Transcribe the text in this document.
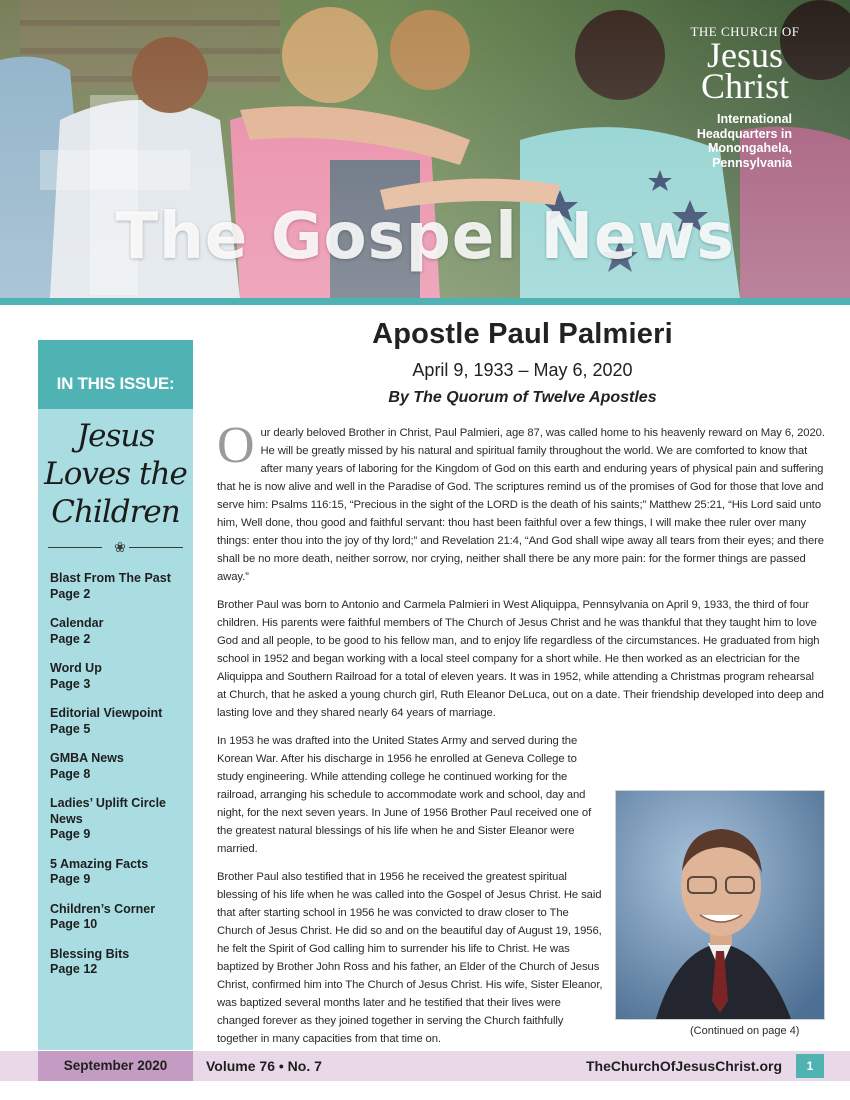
THE CHURCH OF
Jesus
Christ
International
Headquarters in
Monongahela,
Pennsylvania
The Gospel News
IN THIS ISSUE:
Jesus
Loves the
Children
❀
Blast From The Past
Page 2
Calendar
Page 2
Word Up
Page 3
Editorial Viewpoint
Page 5
GMBA News
Page 8
Ladies’ Uplift Circle News
Page 9
5 Amazing Facts
Page 9
Children’s Corner
Page 10
Blessing Bits
Page 12
Apostle Paul Palmieri
April 9, 1933 – May 6, 2020
By The Quorum of Twelve Apostles

Our dearly beloved Brother in Christ, Paul Palmieri, age 87, was called home to his heavenly reward on May 6, 2020. He will be greatly missed by his natural and spiritual family throughout the world. We are comforted to know that after many years of laboring for the Kingdom of God on this earth and enduring years of physical pain and suffering that he is now alive and well in the Paradise of God. The scriptures remind us of the promises of God for those that love and serve him: Psalms 116:15, “Precious in the sight of the LORD is the death of his saints;” Matthew 25:21, “His Lord said unto him, Well done, thou good and faithful servant: thou hast been faithful over a few things, I will make thee ruler over many things: enter thou into the joy of thy lord;” and Revelation 21:4, “And God shall wipe away all tears from their eyes; and there shall be no more death, neither sorrow, nor crying, neither shall there be any more pain: for the former things are passed away.”

Brother Paul was born to Antonio and Carmela Palmieri in West Aliquippa, Pennsylvania on April 9, 1933, the third of four children. His parents were faithful members of The Church of Jesus Christ and he was thankful that they taught him to love God and all people, to be good to his fellow man, and to enjoy life regardless of the circumstances. He graduated from high school in 1952 and began working with a local steel company for a short while. He then worked as an electrician for the Aliquippa and Southern Railroad for a total of eleven years. It was in 1952, while attending a Christmas program rehearsal at Church, that he asked a young church girl, Ruth Eleanor DeLuca, out on a date. Their friendship developed into deep and lasting love and they shared nearly 64 years of marriage.

In 1953 he was drafted into the United States Army and served during the Korean War. After his discharge in 1956 he enrolled at Geneva College to study engineering. While attending college he continued working for the railroad, arranging his schedule to accommodate work and school, day and night, for the next seven years. In June of 1956 Brother Paul received one of the greatest natural blessings of his life when he and Sister Eleanor were married.

Brother Paul also testified that in 1956 he received the greatest spiritual blessing of his life when he was called into the Gospel of Jesus Christ. He said that after starting school in 1956 he was convicted to draw closer to The Church of Jesus Christ. He did so and on the beautiful day of August 19, 1956, he felt the Spirit of God calling him to surrender his life to Christ. He was baptized by Brother John Ross and his father, an Elder of the Church of Jesus Christ, confirmed him into The Church of Jesus Christ. His wife, Sister Eleanor, was baptized several months later and he testified that their lives were changed forever as they joined together in serving the Church faithfully together in many capacities from that time on.

(Continued on page 4)
September 2020	Volume 76 • No. 7	TheChurchOfJesusChrist.org	1
